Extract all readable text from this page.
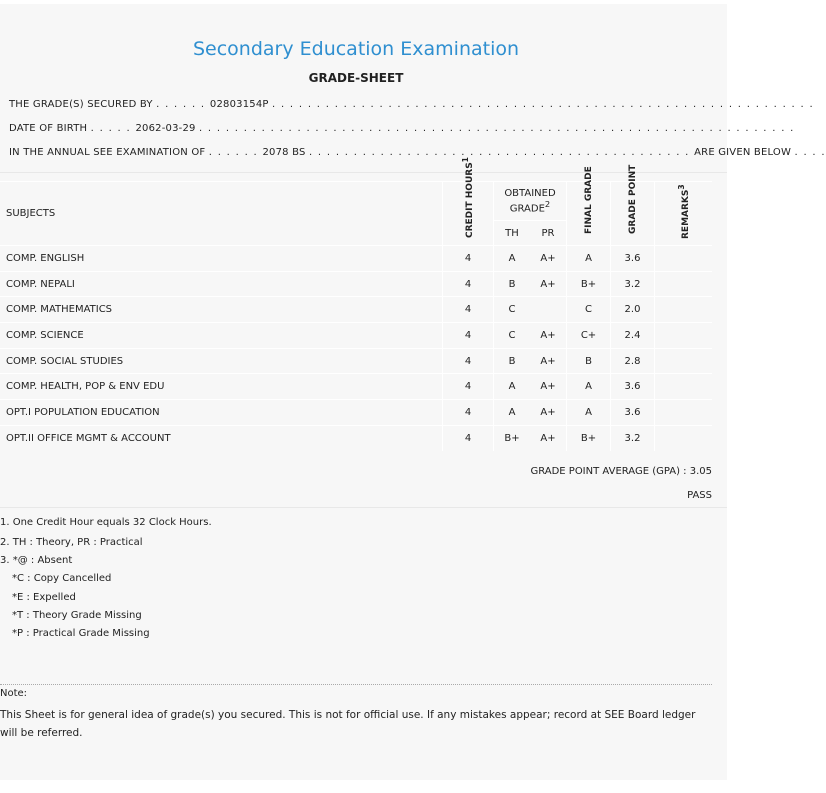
Secondary Education Examination
GRADE-SHEET
THE GRADE(S) SECURED BY . . . . . . 02803154P . . . . . . . . . . . . . . . . . . . . . . . . . . . . . . . . . . . . . . . . . . . . . . . . . . . . . . . . . . . . .
DATE OF BIRTH . . . . . 2062-03-29 . . . . . . . . . . . . . . . . . . . . . . . . . . . . . . . . . . . . . . . . . . . . . . . . . . . . . . . . . . . . . . . . . . .
IN THE ANNUAL SEE EXAMINATION OF . . . . . . 2078 BS . . . . . . . . . . . . . . . . . . . . . . . . . . . . . . . . . . . . . . . . . . . ARE GIVEN BELOW . . . .
SUBJECTS	CREDIT HOURS$^1$	OBTAINED GRADE$^2$		FINAL GRADE	GRADE POINT	REMARKS$^3$
		TH	PR			
COMP. ENGLISH	4	A	A+	A	3.6	
COMP. NEPALI	4	B	A+	B+	3.2	
COMP. MATHEMATICS	4	C		C	2.0	
COMP. SCIENCE	4	C	A+	C+	2.4	
COMP. SOCIAL STUDIES	4	B	A+	B	2.8	
COMP. HEALTH, POP & ENV EDU	4	A	A+	A	3.6	
OPT.I POPULATION EDUCATION	4	A	A+	A	3.6	
OPT.II OFFICE MGMT & ACCOUNT	4	B+	A+	B+	3.2	
GRADE POINT AVERAGE (GPA) : 3.05
PASS
1. One Credit Hour equals 32 Clock Hours.
2. TH : Theory, PR : Practical
3. *@ : Absent
*C : Copy Cancelled
*E : Expelled
*T : Theory Grade Missing
*P : Practical Grade Missing
Note:
This Sheet is for general idea of grade(s) you secured. This is not for official use. If any mistakes appear; record at SEE Board ledger will be referred.
